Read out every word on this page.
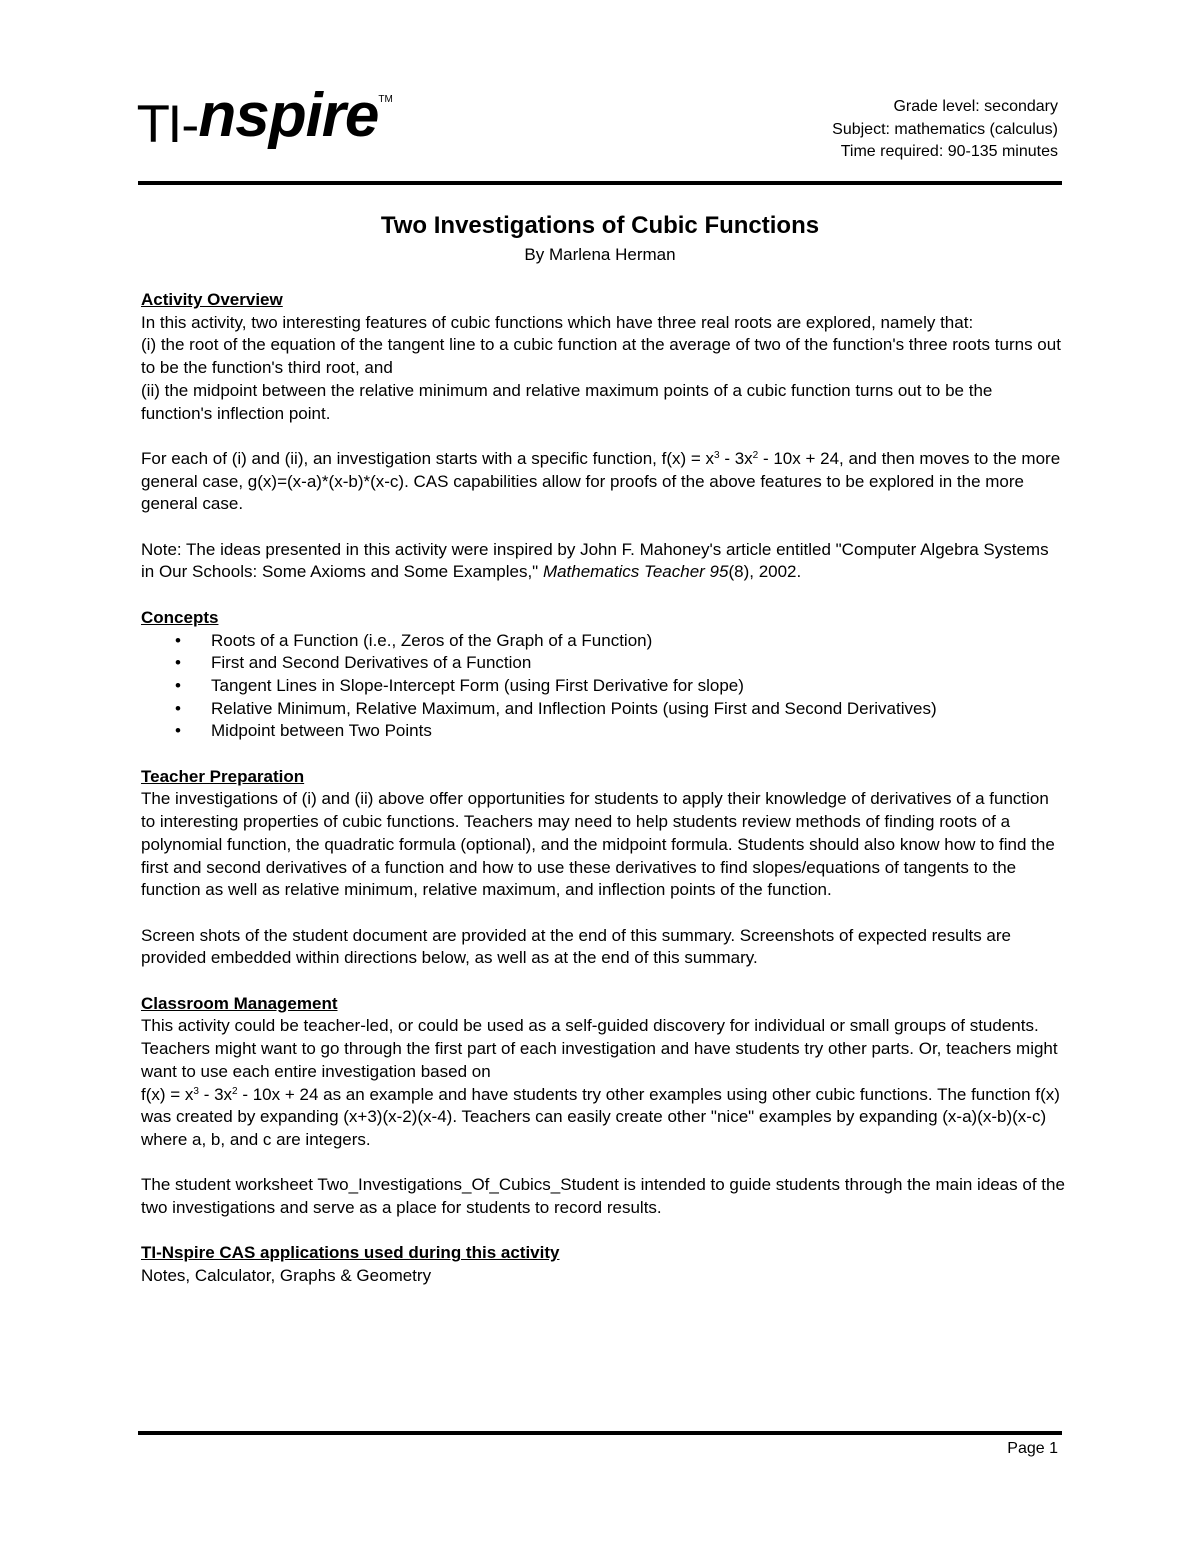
TI-nspireTM	Grade level: secondary
Subject: mathematics (calculus)
Time required: 90-135 minutes
Two Investigations of Cubic Functions
By Marlena Herman

Activity Overview

In this activity, two interesting features of cubic functions which have three real roots are explored, namely that:
(i) the root of the equation of the tangent line to a cubic function at the average of two of the function's three roots turns out to be the function's third root, and
(ii) the midpoint between the relative minimum and relative maximum points of a cubic function turns out to be the function's inflection point.

For each of (i) and (ii), an investigation starts with a specific function, $f(x) = x^3 - 3x^2 - 10x + 24$, and then moves to the more general case, g(x)=(x-a)*(x-b)*(x-c). CAS capabilities allow for proofs of the above features to be explored in the more general case.

Note: The ideas presented in this activity were inspired by John F. Mahoney's article entitled "Computer Algebra Systems in Our Schools: Some Axioms and Some Examples," Mathematics Teacher 95(8), 2002.

Concepts

• Roots of a Function (i.e., Zeros of the Graph of a Function)
• First and Second Derivatives of a Function
• Tangent Lines in Slope-Intercept Form (using First Derivative for slope)
• Relative Minimum, Relative Maximum, and Inflection Points (using First and Second Derivatives)
• Midpoint between Two Points

Teacher Preparation

The investigations of (i) and (ii) above offer opportunities for students to apply their knowledge of derivatives of a function to interesting properties of cubic functions. Teachers may need to help students review methods of finding roots of a polynomial function, the quadratic formula (optional), and the midpoint formula. Students should also know how to find the first and second derivatives of a function and how to use these derivatives to find slopes/equations of tangents to the function as well as relative minimum, relative maximum, and inflection points of the function.

Screen shots of the student document are provided at the end of this summary. Screenshots of expected results are provided embedded within directions below, as well as at the end of this summary.

Classroom Management

This activity could be teacher-led, or could be used as a self-guided discovery for individual or small groups of students. Teachers might want to go through the first part of each investigation and have students try other parts. Or, teachers might want to use each entire investigation based on
$f(x) = x^3 - 3x^2 - 10x + 24$ as an example and have students try other examples using other cubic functions. The function f(x) was created by expanding (x+3)(x-2)(x-4). Teachers can easily create other "nice" examples by expanding (x-a)(x-b)(x-c) where a, b, and c are integers.

The student worksheet Two_Investigations_Of_Cubics_Student is intended to guide students through the main ideas of the two investigations and serve as a place for students to record results.

TI-Nspire CAS applications used during this activity

Notes, Calculator, Graphs & Geometry

Page 1
